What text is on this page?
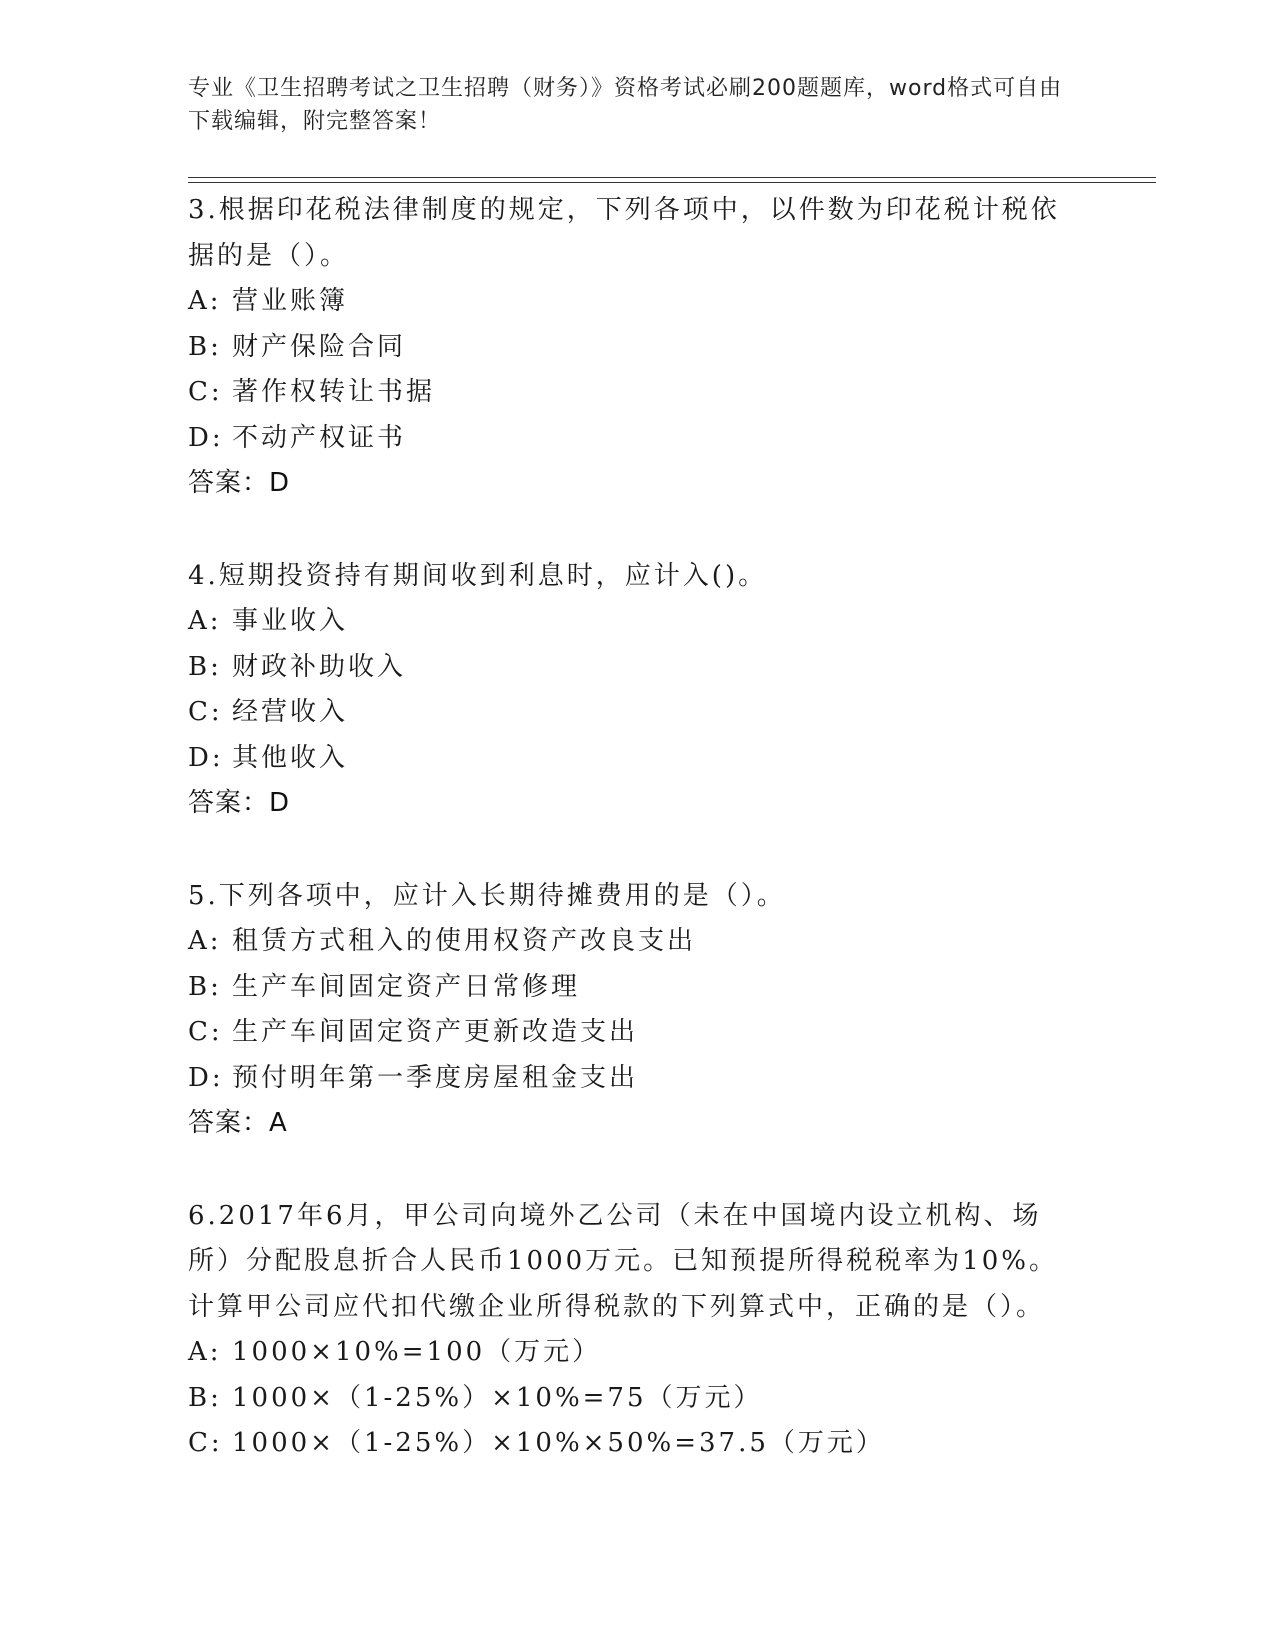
专业《卫生招聘考试之卫生招聘（财务）》资格考试必刷200题题库，word格式可自由下载编辑，附完整答案！
3.根据印花税法律制度的规定，下列各项中，以件数为印花税计税依据的是（）。
A: 营业账簿
B: 财产保险合同
C: 著作权转让书据
D: 不动产权证书
答案：D
4.短期投资持有期间收到利息时，应计入()。
A: 事业收入
B: 财政补助收入
C: 经营收入
D: 其他收入
答案：D
5.下列各项中，应计入长期待摊费用的是（）。
A: 租赁方式租入的使用权资产改良支出
B: 生产车间固定资产日常修理
C: 生产车间固定资产更新改造支出
D: 预付明年第一季度房屋租金支出
答案：A
6.2017年6月，甲公司向境外乙公司（未在中国境内设立机构、场所）分配股息折合人民币1000万元。已知预提所得税税率为10%。计算甲公司应代扣代缴企业所得税款的下列算式中，正确的是（）。
A: 1000×10%=100（万元）
B: 1000×（1-25%）×10%=75（万元）
C: 1000×（1-25%）×10%×50%=37.5（万元）
